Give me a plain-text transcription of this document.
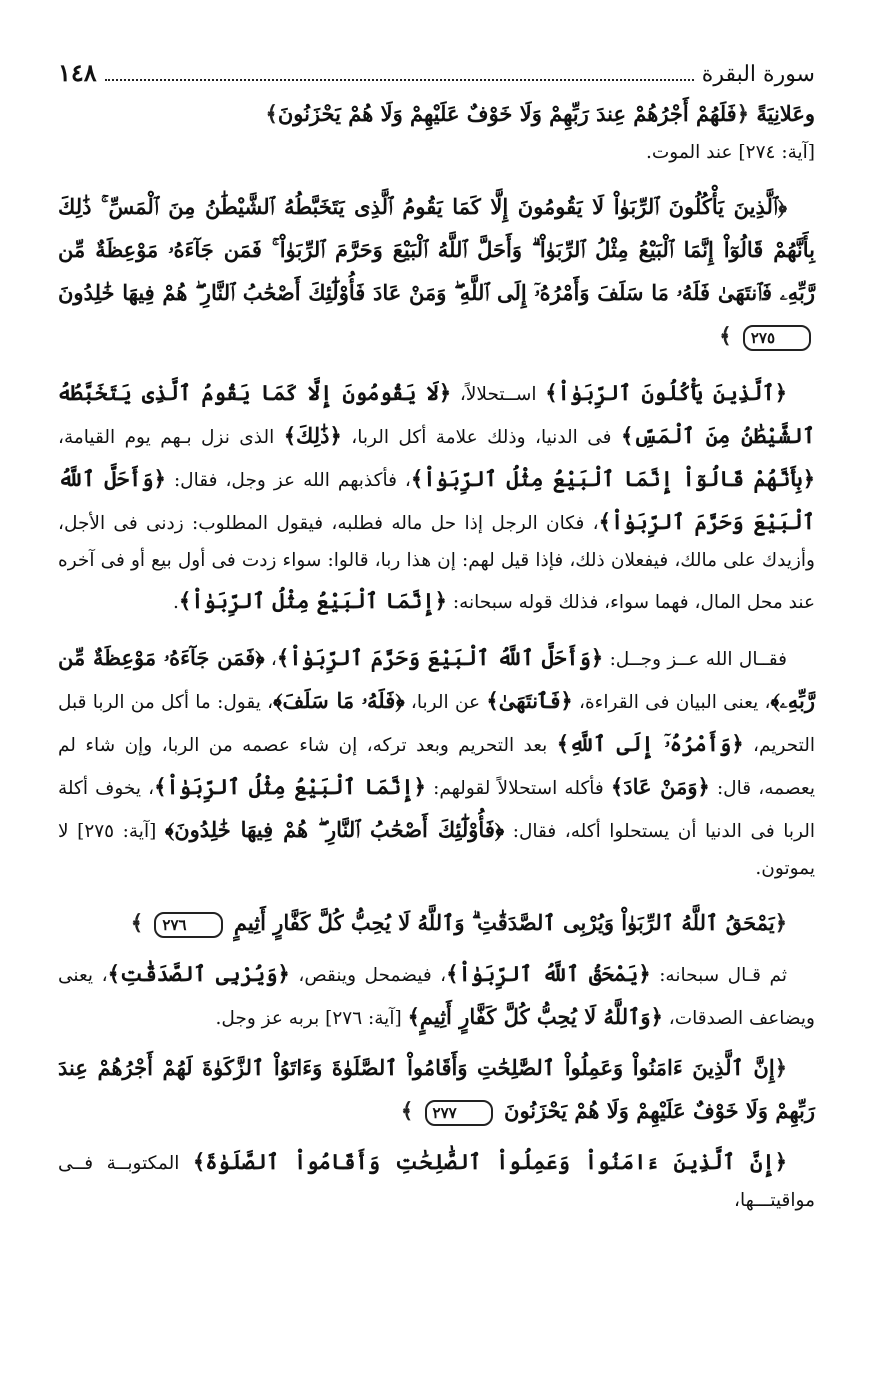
سورة البقرة
١٤٨

وعَلانِيَةً ﴿فَلَهُمْ أَجْرُهُمْ عِندَ رَبِّهِمْ وَلَا خَوْفٌ عَلَيْهِمْ وَلَا هُمْ يَحْزَنُونَ﴾

[آية: ٢٧٤] عند الموت.

﴿ٱلَّذِينَ يَأْكُلُونَ ٱلرِّبَوٰاْ لَا يَقُومُونَ إِلَّا كَمَا يَقُومُ ٱلَّذِى يَتَخَبَّطُهُ ٱلشَّيْطَٰنُ مِنَ ٱلْمَسِّ ۚ ذَٰلِكَ بِأَنَّهُمْ قَالُوٓاْ إِنَّمَا ٱلْبَيْعُ مِثْلُ ٱلرِّبَوٰاْ ۗ وَأَحَلَّ ٱللَّهُ ٱلْبَيْعَ وَحَرَّمَ ٱلرِّبَوٰاْ ۚ فَمَن جَآءَهُۥ مَوْعِظَةٌ مِّن رَّبِّهِۦ فَٱنتَهَىٰ فَلَهُۥ مَا سَلَفَ وَأَمْرُهُۥٓ إِلَى ٱللَّهِ ۖ وَمَنْ عَادَ فَأُوْلَٰٓئِكَ أَصْحَٰبُ ٱلنَّارِ ۖ هُمْ فِيهَا خَٰلِدُونَ ٢٧٥ ﴾

﴿ٱلَّذِينَ يَأْكُلُونَ ٱلرِّبَوٰاْ﴾ اســتحلالاً، ﴿لَا يَقُومُونَ إِلَّا كَمَا يَقُومُ ٱلَّذِى يَتَخَبَّطُهُ ٱلشَّيْطَٰنُ مِنَ ٱلْمَسِّ﴾ فى الدنيا، وذلك علامة أكل الربا، ﴿ذَٰلِكَ﴾ الذى نزل بـهم يوم القيامة، ﴿بِأَنَّهُمْ قَالُوٓاْ إِنَّمَا ٱلْبَيْعُ مِثْلُ ٱلرِّبَوٰاْ﴾، فأكذبهم الله عز وجل، فقال: ﴿وَأَحَلَّ ٱللَّهُ ٱلْبَيْعَ وَحَرَّمَ ٱلرِّبَوٰاْ﴾، فكان الرجل إذا حل ماله فطلبه، فيقول المطلوب: زدنى فى الأجل، وأزيدك على مالك، فيفعلان ذلك، فإذا قيل لهم: إن هذا ربا، قالوا: سواء زدت فى أول بيع أو فى آخره عند محل المال، فهما سواء، فذلك قوله سبحانه: ﴿إِنَّمَا ٱلْبَيْعُ مِثْلُ ٱلرِّبَوٰاْ﴾.

فقــال الله عــز وجــل: ﴿وَأَحَلَّ ٱللَّهُ ٱلْبَيْعَ وَحَرَّمَ ٱلرِّبَوٰاْ﴾، ﴿فَمَن جَآءَهُۥ مَوْعِظَةٌ مِّن رَّبِّهِۦ﴾، يعنى البيان فى القراءة، ﴿فَٱنتَهَىٰ﴾ عن الربا، ﴿فَلَهُۥ مَا سَلَفَ﴾، يقول: ما أكل من الربا قبل التحريم، ﴿وَأَمْرُهُۥٓ إِلَى ٱللَّهِ﴾ بعد التحريم وبعد تركه، إن شاء عصمه من الربا، وإن شاء لم يعصمه، قال: ﴿وَمَنْ عَادَ﴾ فأكله استحلالاً لقولهم: ﴿إِنَّمَا ٱلْبَيْعُ مِثْلُ ٱلرِّبَوٰاْ﴾، يخوف أكلة الربا فى الدنيا أن يستحلوا أكله، فقال: ﴿فَأُوْلَٰٓئِكَ أَصْحَٰبُ ٱلنَّارِ ۖ هُمْ فِيهَا خَٰلِدُونَ﴾ [آية: ٢٧٥] لا يموتون.

﴿يَمْحَقُ ٱللَّهُ ٱلرِّبَوٰاْ وَيُرْبِى ٱلصَّدَقَٰتِ ۗ وَٱللَّهُ لَا يُحِبُّ كُلَّ كَفَّارٍ أَثِيمٍ ٢٧٦ ﴾

ثم قـال سبحانه: ﴿يَمْحَقُ ٱللَّهُ ٱلرِّبَوٰاْ﴾، فيضمحل وينقص، ﴿وَيُرْبِى ٱلصَّدَقَٰتِ﴾، يعنى ويضاعف الصدقات، ﴿وَٱللَّهُ لَا يُحِبُّ كُلَّ كَفَّارٍ أَثِيمٍ﴾ [آية: ٢٧٦] بربه عز وجل.

﴿إِنَّ ٱلَّذِينَ ءَامَنُواْ وَعَمِلُواْ ٱلصَّٰلِحَٰتِ وَأَقَامُواْ ٱلصَّلَوٰةَ وَءَاتَوُاْ ٱلزَّكَوٰةَ لَهُمْ أَجْرُهُمْ عِندَ رَبِّهِمْ وَلَا خَوْفٌ عَلَيْهِمْ وَلَا هُمْ يَحْزَنُونَ ٢٧٧ ﴾

﴿إِنَّ ٱلَّذِينَ ءَامَنُواْ وَعَمِلُواْ ٱلصَّٰلِحَٰتِ وَأَقَامُواْ ٱلصَّلَوٰةَ﴾ المكتوبــة فــى مواقيتـــها،
